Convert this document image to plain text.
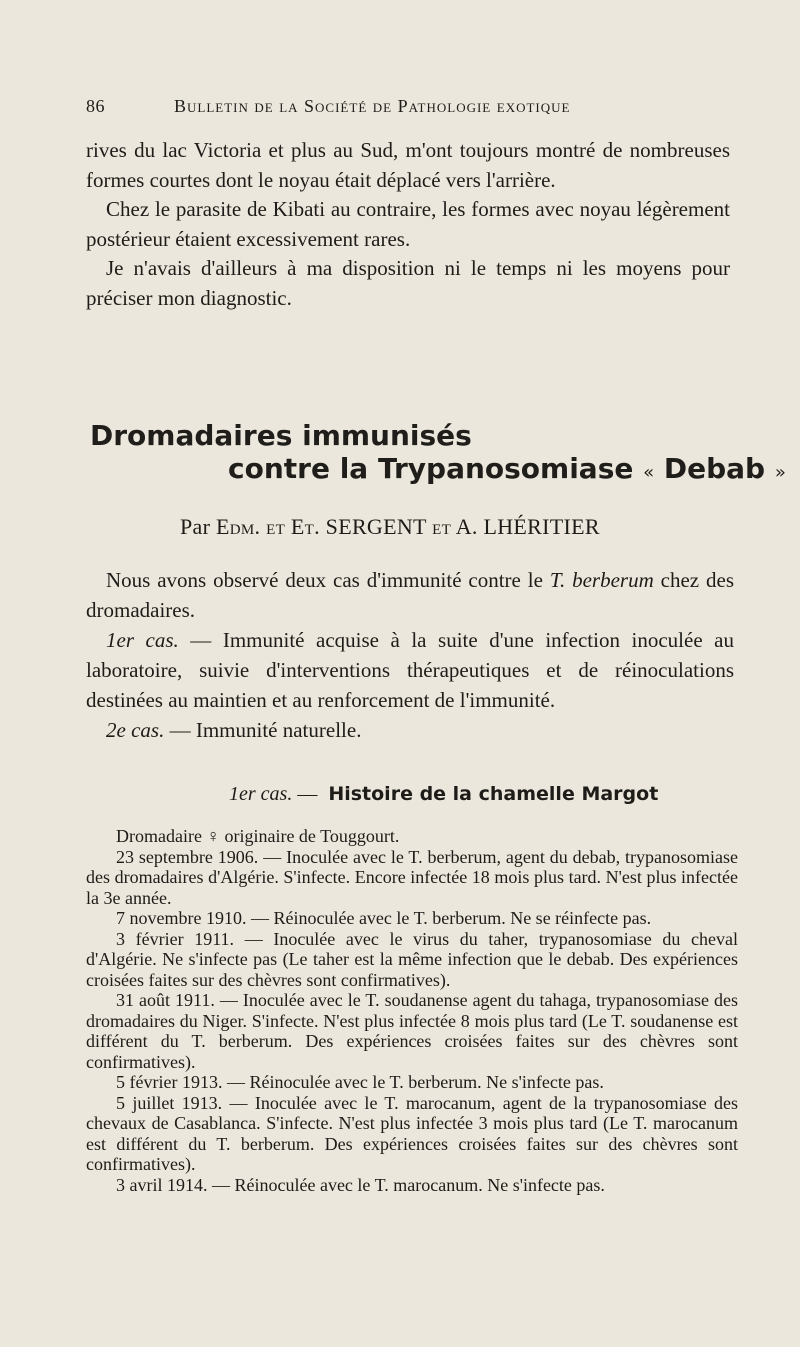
86	Bulletin de la Société de Pathologie exotique

rives du lac Victoria et plus au Sud, m'ont toujours montré de nombreuses formes courtes dont le noyau était déplacé vers l'arrière.

Chez le parasite de Kibati au contraire, les formes avec noyau légèrement postérieur étaient excessivement rares.

Je n'avais d'ailleurs à ma disposition ni le temps ni les moyens pour préciser mon diagnostic.

Dromadaires immunisés
contre la Trypanosomiase « Debab »
Par Edm. et Et. SERGENT et A. LHÉRITIER

Nous avons observé deux cas d'immunité contre le T. berberum chez des dromadaires.

1er cas. — Immunité acquise à la suite d'une infection inoculée au laboratoire, suivie d'interventions thérapeutiques et de réinoculations destinées au maintien et au renforcement de l'immunité.

2e cas. — Immunité naturelle.

1er cas. — Histoire de la chamelle Margot

Dromadaire ♀ originaire de Touggourt.

23 septembre 1906. — Inoculée avec le T. berberum, agent du debab, trypanosomiase des dromadaires d'Algérie. S'infecte. Encore infectée 18 mois plus tard. N'est plus infectée la 3e année.

7 novembre 1910. — Réinoculée avec le T. berberum. Ne se réinfecte pas.

3 février 1911. — Inoculée avec le virus du taher, trypanosomiase du cheval d'Algérie. Ne s'infecte pas (Le taher est la même infection que le debab. Des expériences croisées faites sur des chèvres sont confirmatives).

31 août 1911. — Inoculée avec le T. soudanense agent du tahaga, trypanosomiase des dromadaires du Niger. S'infecte. N'est plus infectée 8 mois plus tard (Le T. soudanense est différent du T. berberum. Des expériences croisées faites sur des chèvres sont confirmatives).

5 février 1913. — Réinoculée avec le T. berberum. Ne s'infecte pas.

5 juillet 1913. — Inoculée avec le T. marocanum, agent de la trypanosomiase des chevaux de Casablanca. S'infecte. N'est plus infectée 3 mois plus tard (Le T. marocanum est différent du T. berberum. Des expériences croisées faites sur des chèvres sont confirmatives).

3 avril 1914. — Réinoculée avec le T. marocanum. Ne s'infecte pas.
